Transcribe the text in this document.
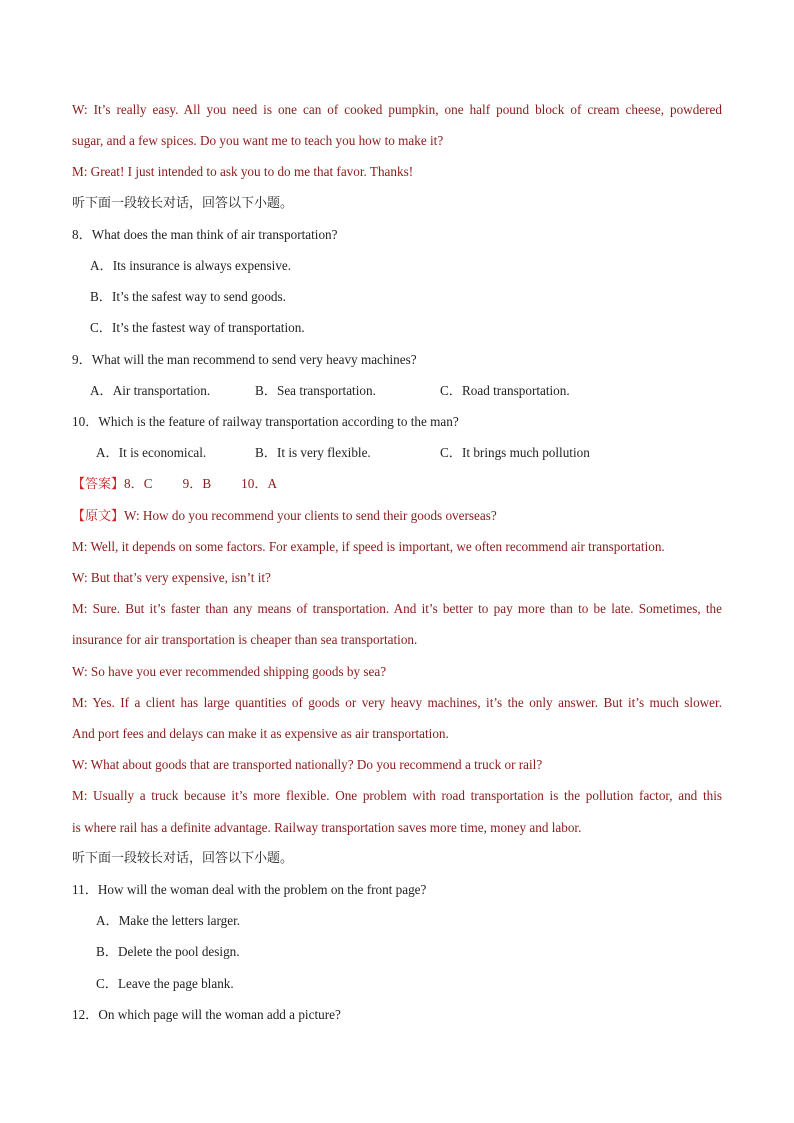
W: It’s really easy. All you need is one can of cooked pumpkin, one half pound block of cream cheese, powdered
sugar, and a few spices. Do you want me to teach you how to make it?
M: Great! I just intended to ask you to do me that favor. Thanks!
听下面一段较长对话，回答以下小题。
8．What does the man think of air transportation?
A．Its insurance is always expensive.
B．It’s the safest way to send goods.
C．It’s the fastest way of transportation.
9．What will the man recommend to send very heavy machines?
A．Air transportation.	B．Sea transportation.	C．Road transportation.
10．Which is the feature of railway transportation according to the man?
A．It is economical.	B．It is very flexible.	C．It brings much pollution
【答案】8．C 9．B 10．A
【原文】W: How do you recommend your clients to send their goods overseas?
M: Well, it depends on some factors. For example, if speed is important, we often recommend air transportation.
W: But that’s very expensive, isn’t it?
M: Sure. But it’s faster than any means of transportation. And it’s better to pay more than to be late. Sometimes, the
insurance for air transportation is cheaper than sea transportation.
W: So have you ever recommended shipping goods by sea?
M: Yes. If a client has large quantities of goods or very heavy machines, it’s the only answer. But it’s much slower.
And port fees and delays can make it as expensive as air transportation.
W: What about goods that are transported nationally? Do you recommend a truck or rail?
M: Usually a truck because it’s more flexible. One problem with road transportation is the pollution factor, and this
is where rail has a definite advantage. Railway transportation saves more time, money and labor.
听下面一段较长对话，回答以下小题。
11．How will the woman deal with the problem on the front page?
A．Make the letters larger.
B．Delete the pool design.
C．Leave the page blank.
12．On which page will the woman add a picture?
